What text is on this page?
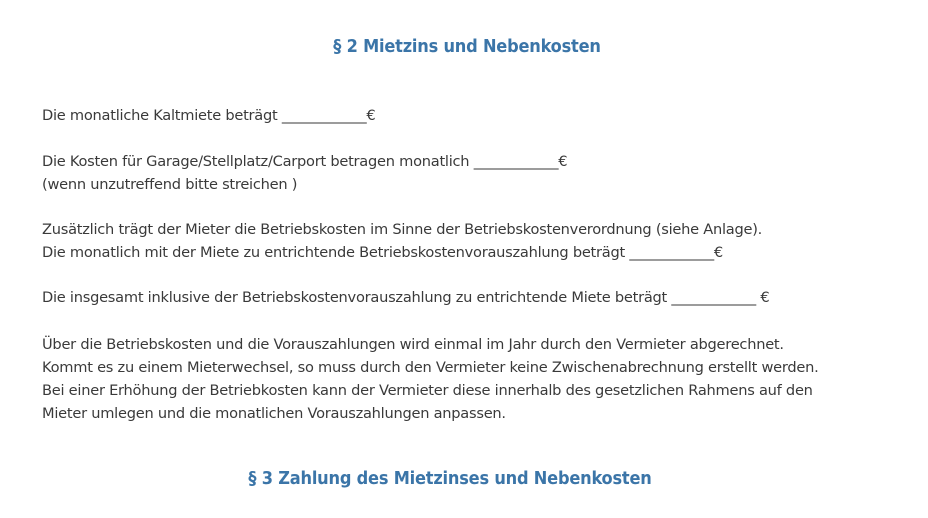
§ 2 Mietzins und Nebenkosten
Die monatliche Kaltmiete beträgt ____________€
Die Kosten für Garage/Stellplatz/Carport betragen monatlich ____________€
(wenn unzutreffend bitte streichen )
Zusätzlich trägt der Mieter die Betriebskosten im Sinne der Betriebskostenverordnung (siehe Anlage).
Die monatlich mit der Miete zu entrichtende Betriebskostenvorauszahlung beträgt ____________€
Die insgesamt inklusive der Betriebskostenvorauszahlung zu entrichtende Miete beträgt ____________ €
Über die Betriebskosten und die Vorauszahlungen wird einmal im Jahr durch den Vermieter abgerechnet.
Kommt es zu einem Mieterwechsel, so muss durch den Vermieter keine Zwischenabrechnung erstellt werden.
Bei einer Erhöhung der Betriebkosten kann der Vermieter diese innerhalb des gesetzlichen Rahmens auf den
Mieter umlegen und die monatlichen Vorauszahlungen anpassen.
§ 3 Zahlung des Mietzinses und Nebenkosten
